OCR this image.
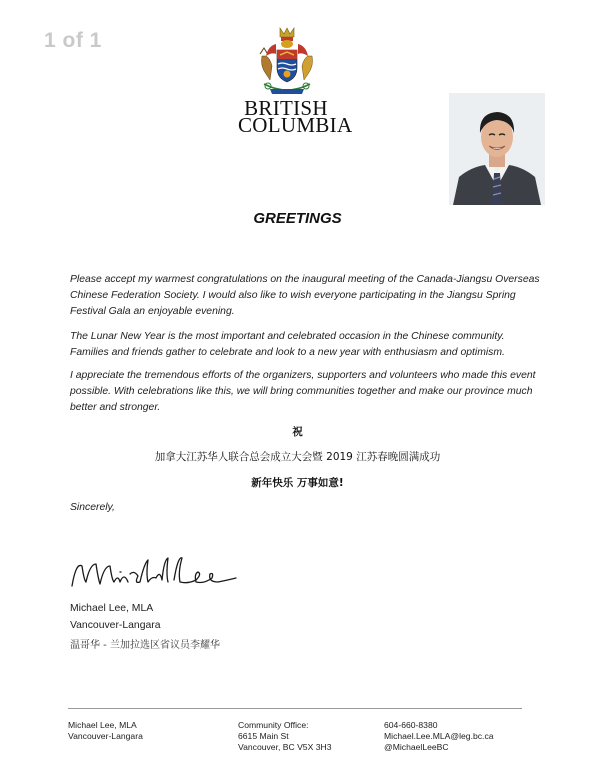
1 of 1
BRITISH
COLUMBIA
GREETINGS

Please accept my warmest congratulations on the inaugural meeting of the Canada-Jiangsu Overseas Chinese Federation Society. I would also like to wish everyone participating in the Jiangsu Spring Festival Gala an enjoyable evening.

The Lunar New Year is the most important and celebrated occasion in the Chinese community. Families and friends gather to celebrate and look to a new year with enthusiasm and optimism.

I appreciate the tremendous efforts of the organizers, supporters and volunteers who made this event possible. With celebrations like this, we will bring communities together and make our province much better and stronger.

祝
加拿大江苏华人联合总会成立大会暨 2019 江苏春晚圆满成功
新年快乐 万事如意!
Sincerely,
Michael Lee, MLA
Vancouver-Langara
温哥华 - 兰加拉选区省议员李耀华
Michael Lee, MLA
Vancouver-Langara
Community Office:
6615 Main St
Vancouver, BC V5X 3H3
604-660-8380
Michael.Lee.MLA@leg.bc.ca
@MichaelLeeBC
